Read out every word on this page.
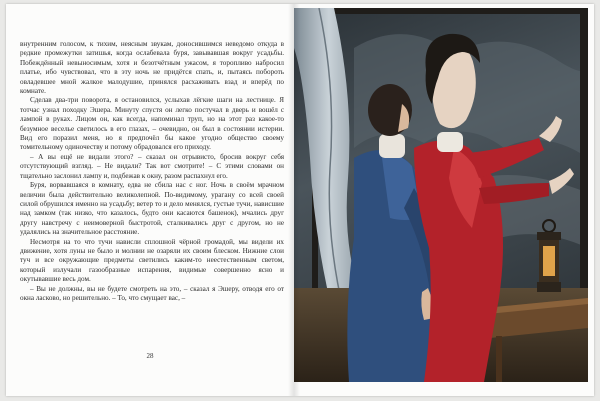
внутренним голосом, к тихим, неясным звукам, доносившимся неведомо откуда в редкие промежутки затишья, когда ослабевала буря, завывавшая вокруг усадьбы. Побеждённый невыносимым, хотя и безотчётным ужасом, я торопливо набросил платье, ибо чувствовал, что в эту ночь не придётся спать, и, пытаясь побороть овладевшее мной жалкое малодушие, принялся расхаживать взад и вперёд по комнате.

Сделав два-три поворота, я остановился, услыхав лёгкие шаги на лестнице. Я тотчас узнал походку Эшера. Минуту спустя он легко постучал в дверь и вошёл с лампой в руках. Лицом он, как всегда, напоминал труп, но на этот раз какое-то безумное веселье светилось в его глазах, – очевидно, он был в состоянии истерии. Вид его поразил меня, но я предпочёл бы какое угодно общество своему томительному одиночеству и потому обрадовался его приходу.

– А вы ещё не видали этого? – сказал он отрывисто, бросив вокруг себя отсутствующий взгляд. – Не видали? Так вот смотрите! – С этими словами он тщательно заслонил лампу и, подбежав к окну, разом распахнул его.

Буря, ворвавшаяся в комнату, едва не сбила нас с ног. Ночь в своём мрачном величии была действительно великолепной. По-видимому, урагану со всей своей силой обрушился именно на усадьбу; ветер то и дело менялся, густые тучи, нависшие над замком (так низко, что казалось, будто они касаются башенок), мчались друг другу навстречу с неимоверной быстротой, сталкивались друг с другом, но не удалялись на значительное расстояние.

Несмотря на то что тучи нависли сплошной чёрной громадой, мы видели их движение, хотя луны не было и молнии не озаряли их своим блеском. Нижние слои туч и все окружающие предметы светились каким-то неестественным светом, который излучали газообразные испарения, видимые совершенно ясно и окутывавшие весь дом.

– Вы не должны, вы не будете смотреть на это, – сказал я Эшеру, отводя его от окна ласково, но решительно. – То, что смущает вас, –

28
